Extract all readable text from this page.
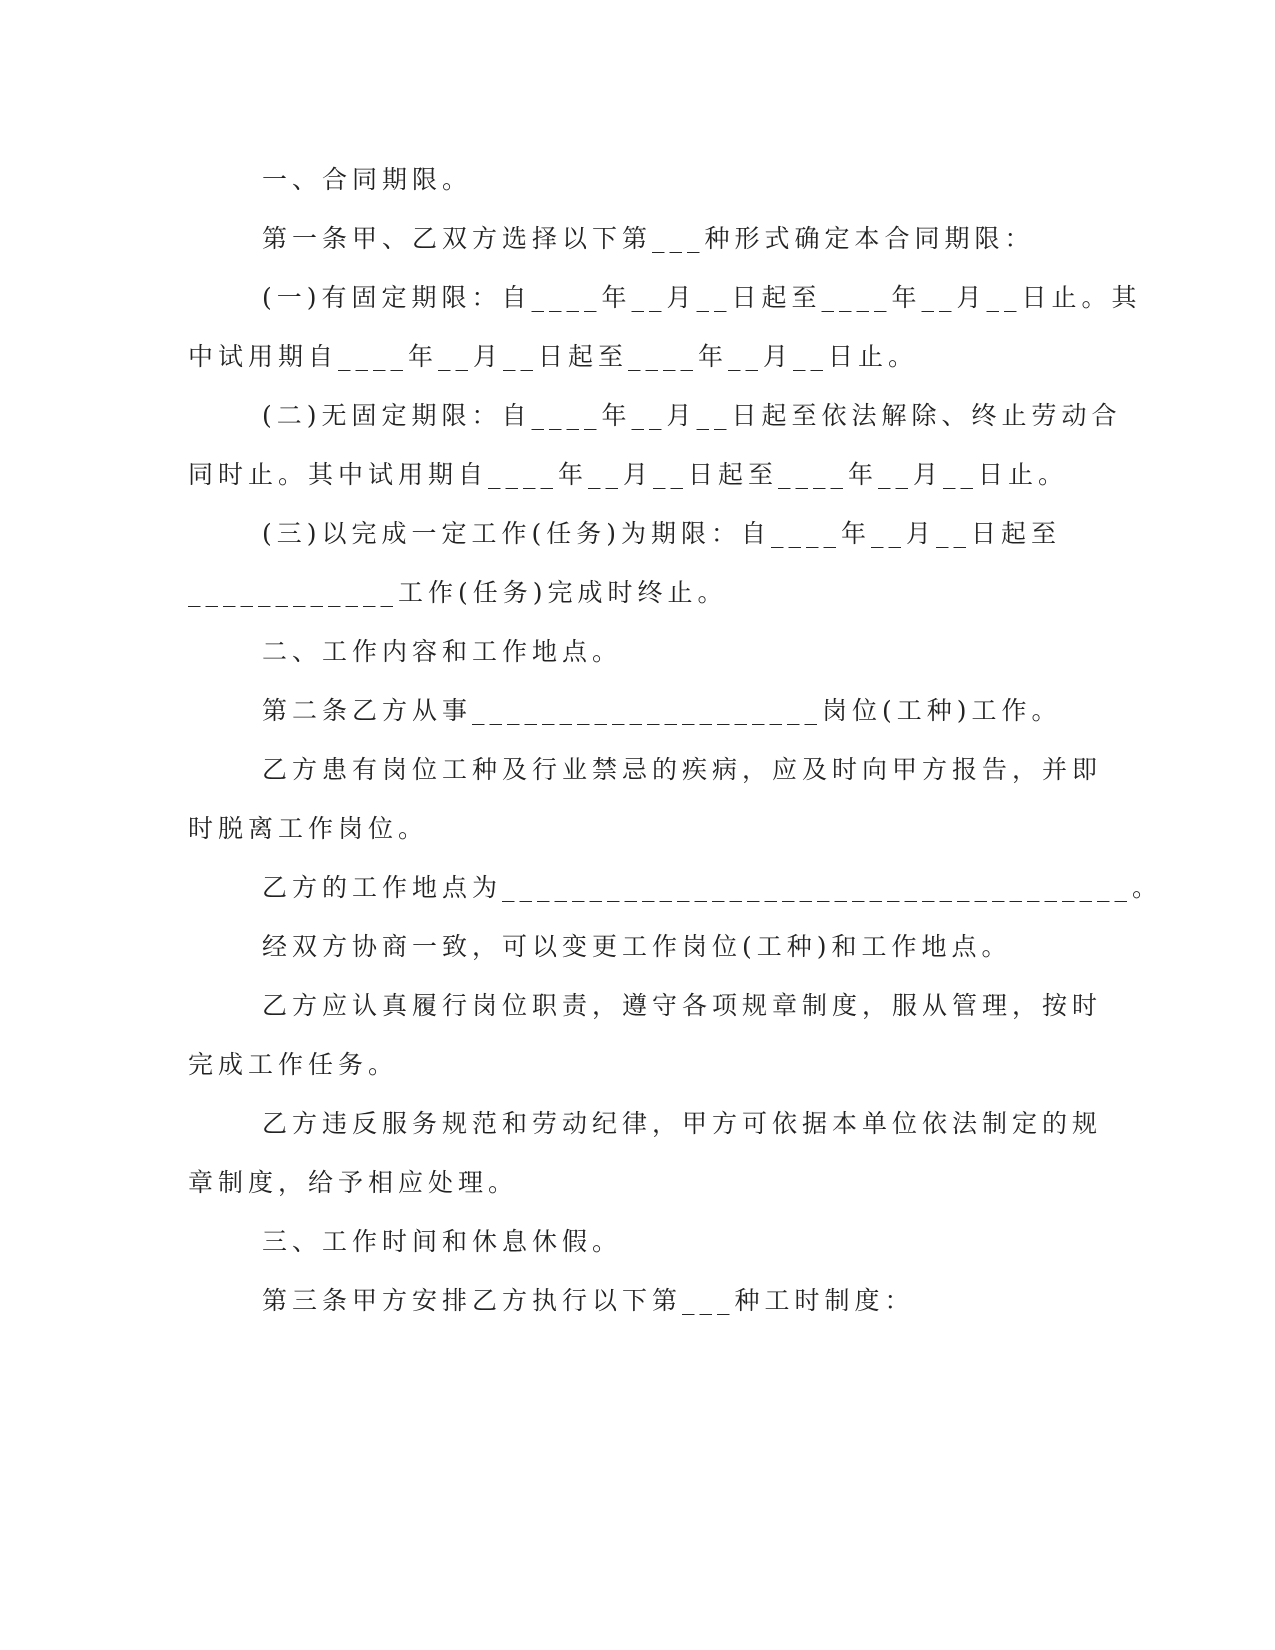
一、合同期限。
第一条甲、乙双方选择以下第___种形式确定本合同期限：
(一)有固定期限：自____年__月__日起至____年__月__日止。其
中试用期自____年__月__日起至____年__月__日止。
(二)无固定期限：自____年__月__日起至依法解除、终止劳动合
同时止。其中试用期自____年__月__日起至____年__月__日止。
(三)以完成一定工作(任务)为期限：自____年__月__日起至
____________工作(任务)完成时终止。
二、工作内容和工作地点。
第二条乙方从事____________________岗位(工种)工作。
乙方患有岗位工种及行业禁忌的疾病，应及时向甲方报告，并即
时脱离工作岗位。
乙方的工作地点为____________________________________。
经双方协商一致，可以变更工作岗位(工种)和工作地点。
乙方应认真履行岗位职责，遵守各项规章制度，服从管理，按时
完成工作任务。
乙方违反服务规范和劳动纪律，甲方可依据本单位依法制定的规
章制度，给予相应处理。
三、工作时间和休息休假。
第三条甲方安排乙方执行以下第___种工时制度：
